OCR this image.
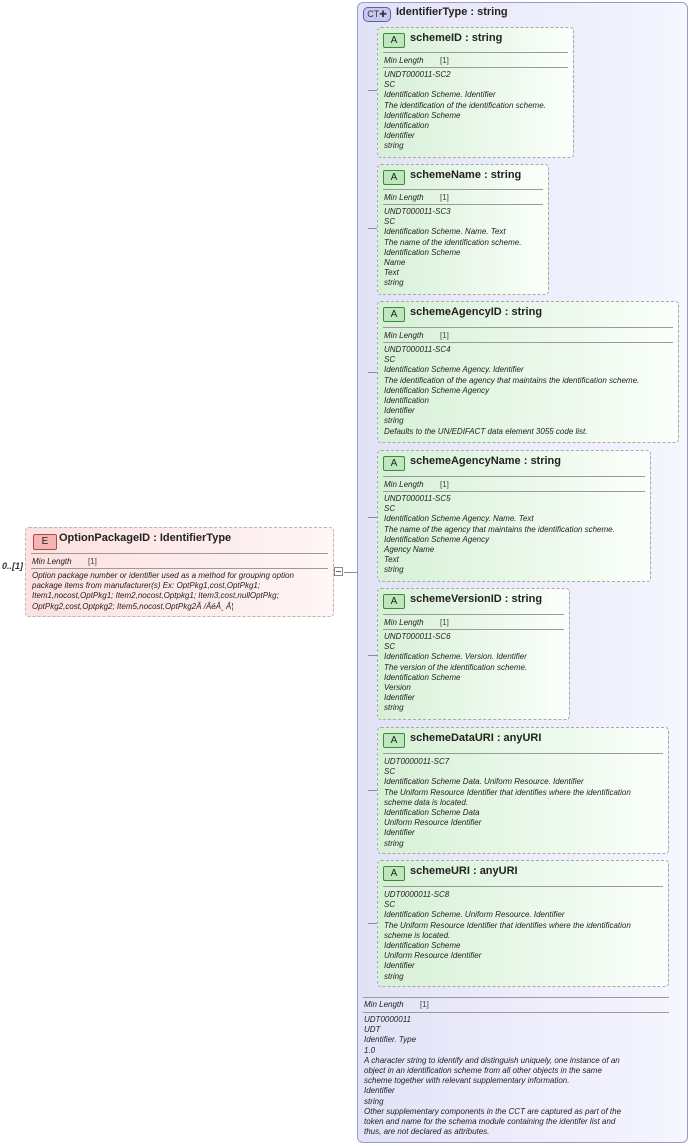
0..[1]
E OptionPackageID : IdentifierType
Min Length [1]
Option package number or identifier used as a method for grouping option
package items from manufacturer(s) Ex: OptPkg1,cost,OptPkg1;
Item1,nocost,OptPkg1; Item2,nocost,Optpkg1; Item3,cost,nullOptPkg;
OptPkg2,cost,Optpkg2; Item5,nocost,OptPkg2Â /ÂéÂ¸ Â¦
CT✚ IdentifierType : string
Min Length [1]
UDT0000011
UDT
Identifier. Type
1.0
A character string to identify and distinguish uniquely, one instance of an
object in an identification scheme from all other objects in the same
scheme together with relevant supplementary information.
Identifier
string
Other supplementary components in the CCT are captured as part of the
token and name for the schema module containing the identifer list and
thus, are not declared as attributes.
A	schemeID : string
Min Length [1]
UNDT000011-SC2
SC
Identification Scheme. Identifier
The identification of the identification scheme.
Identification Scheme
Identification
Identifier
string
A	schemeName : string
Min Length [1]
UNDT000011-SC3
SC
Identification Scheme. Name. Text
The name of the identification scheme.
Identification Scheme
Name
Text
string
A	schemeAgencyID : string
Min Length [1]
UNDT000011-SC4
SC
Identification Scheme Agency. Identifier
The identification of the agency that maintains the identification scheme.
Identification Scheme Agency
Identification
Identifier
string
Defaults to the UN/EDIFACT data element 3055 code list.
A	schemeAgencyName : string
Min Length [1]
UNDT000011-SC5
SC
Identification Scheme Agency. Name. Text
The name of the agency that maintains the identification scheme.
Identification Scheme Agency
Agency Name
Text
string
A	schemeVersionID : string
Min Length [1]
UNDT000011-SC6
SC
Identification Scheme. Version. Identifier
The version of the identification scheme.
Identification Scheme
Version
Identifier
string
A	schemeDataURI : anyURI
UDT0000011-SC7
SC
Identification Scheme Data. Uniform Resource. Identifier
The Uniform Resource Identifier that identifies where the identification
scheme data is located.
Identification Scheme Data
Uniform Resource Identifier
Identifier
string
A	schemeURI : anyURI
UDT0000011-SC8
SC
Identification Scheme. Uniform Resource. Identifier
The Uniform Resource Identifier that identifies where the identification
scheme is located.
Identification Scheme
Uniform Resource Identifier
Identifier
string
